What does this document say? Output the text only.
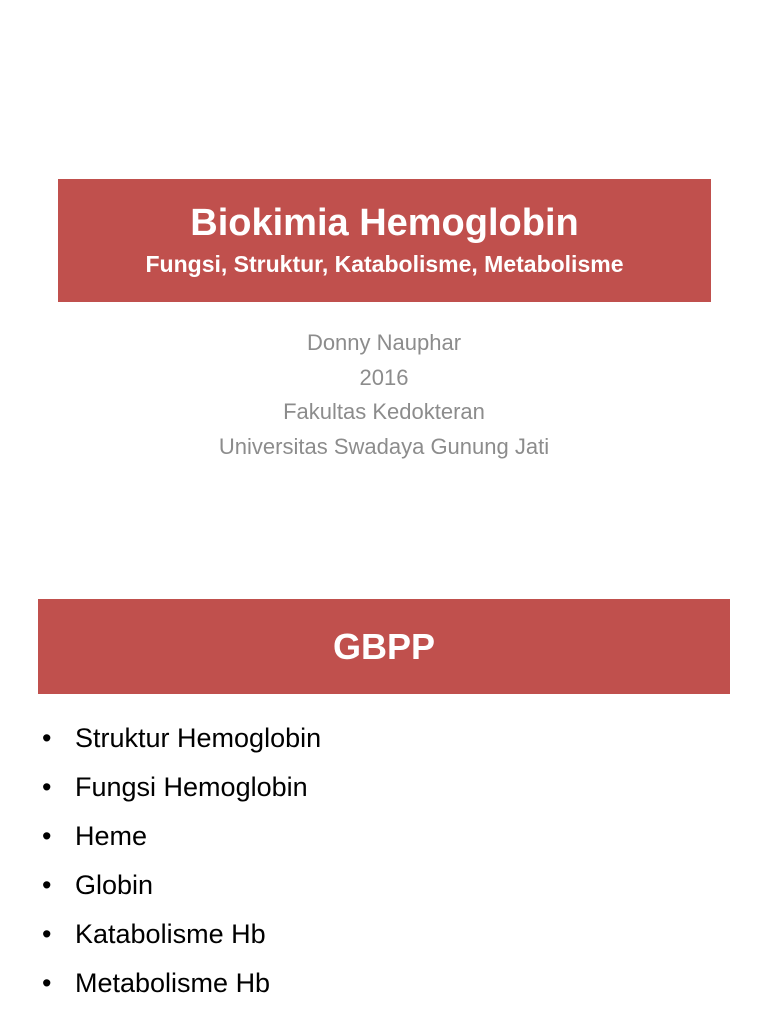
Biokimia Hemoglobin
Fungsi, Struktur, Katabolisme, Metabolisme
Donny Nauphar
2016
Fakultas Kedokteran
Universitas Swadaya Gunung Jati
GBPP
• Struktur Hemoglobin
• Fungsi Hemoglobin
• Heme
• Globin
• Katabolisme Hb
• Metabolisme Hb
